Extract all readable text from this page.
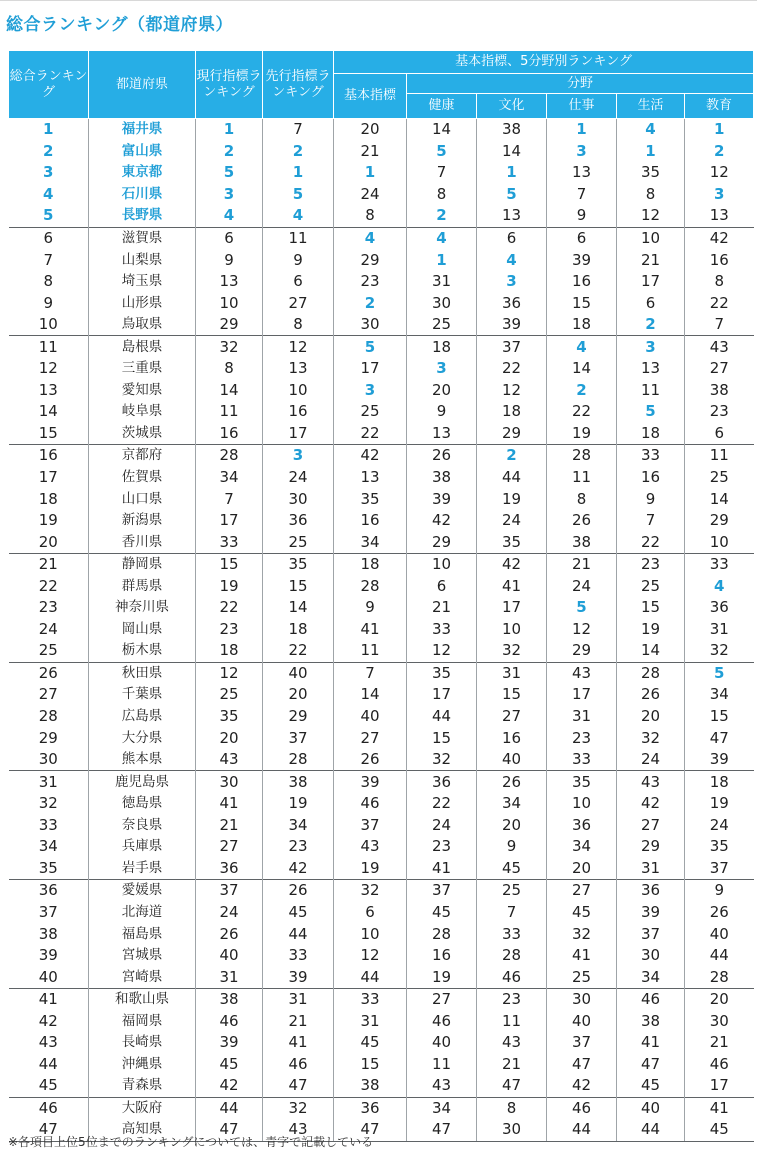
総合ランキング（都道府県）
総合ランキング	都道府県	現行指標ランキング	先行指標ランキング	基本指標、5分野別ランキング					
				基本指標	分野				
					健康	文化	仕事	生活	教育
1	福井県	1	7	20	14	38	1	4	1
2	富山県	2	2	21	5	14	3	1	2
3	東京都	5	1	1	7	1	13	35	12
4	石川県	3	5	24	8	5	7	8	3
5	長野県	4	4	8	2	13	9	12	13
6	滋賀県	6	11	4	4	6	6	10	42
7	山梨県	9	9	29	1	4	39	21	16
8	埼玉県	13	6	23	31	3	16	17	8
9	山形県	10	27	2	30	36	15	6	22
10	鳥取県	29	8	30	25	39	18	2	7
11	島根県	32	12	5	18	37	4	3	43
12	三重県	8	13	17	3	22	14	13	27
13	愛知県	14	10	3	20	12	2	11	38
14	岐阜県	11	16	25	9	18	22	5	23
15	茨城県	16	17	22	13	29	19	18	6
16	京都府	28	3	42	26	2	28	33	11
17	佐賀県	34	24	13	38	44	11	16	25
18	山口県	7	30	35	39	19	8	9	14
19	新潟県	17	36	16	42	24	26	7	29
20	香川県	33	25	34	29	35	38	22	10
21	静岡県	15	35	18	10	42	21	23	33
22	群馬県	19	15	28	6	41	24	25	4
23	神奈川県	22	14	9	21	17	5	15	36
24	岡山県	23	18	41	33	10	12	19	31
25	栃木県	18	22	11	12	32	29	14	32
26	秋田県	12	40	7	35	31	43	28	5
27	千葉県	25	20	14	17	15	17	26	34
28	広島県	35	29	40	44	27	31	20	15
29	大分県	20	37	27	15	16	23	32	47
30	熊本県	43	28	26	32	40	33	24	39
31	鹿児島県	30	38	39	36	26	35	43	18
32	徳島県	41	19	46	22	34	10	42	19
33	奈良県	21	34	37	24	20	36	27	24
34	兵庫県	27	23	43	23	9	34	29	35
35	岩手県	36	42	19	41	45	20	31	37
36	愛媛県	37	26	32	37	25	27	36	9
37	北海道	24	45	6	45	7	45	39	26
38	福島県	26	44	10	28	33	32	37	40
39	宮城県	40	33	12	16	28	41	30	44
40	宮崎県	31	39	44	19	46	25	34	28
41	和歌山県	38	31	33	27	23	30	46	20
42	福岡県	46	21	31	46	11	40	38	30
43	長崎県	39	41	45	40	43	37	41	21
44	沖縄県	45	46	15	11	21	47	47	46
45	青森県	42	47	38	43	47	42	45	17
46	大阪府	44	32	36	34	8	46	40	41
47	高知県	47	43	47	47	30	44	44	45
※各項目上位5位までのランキングについては、青字で記載している
